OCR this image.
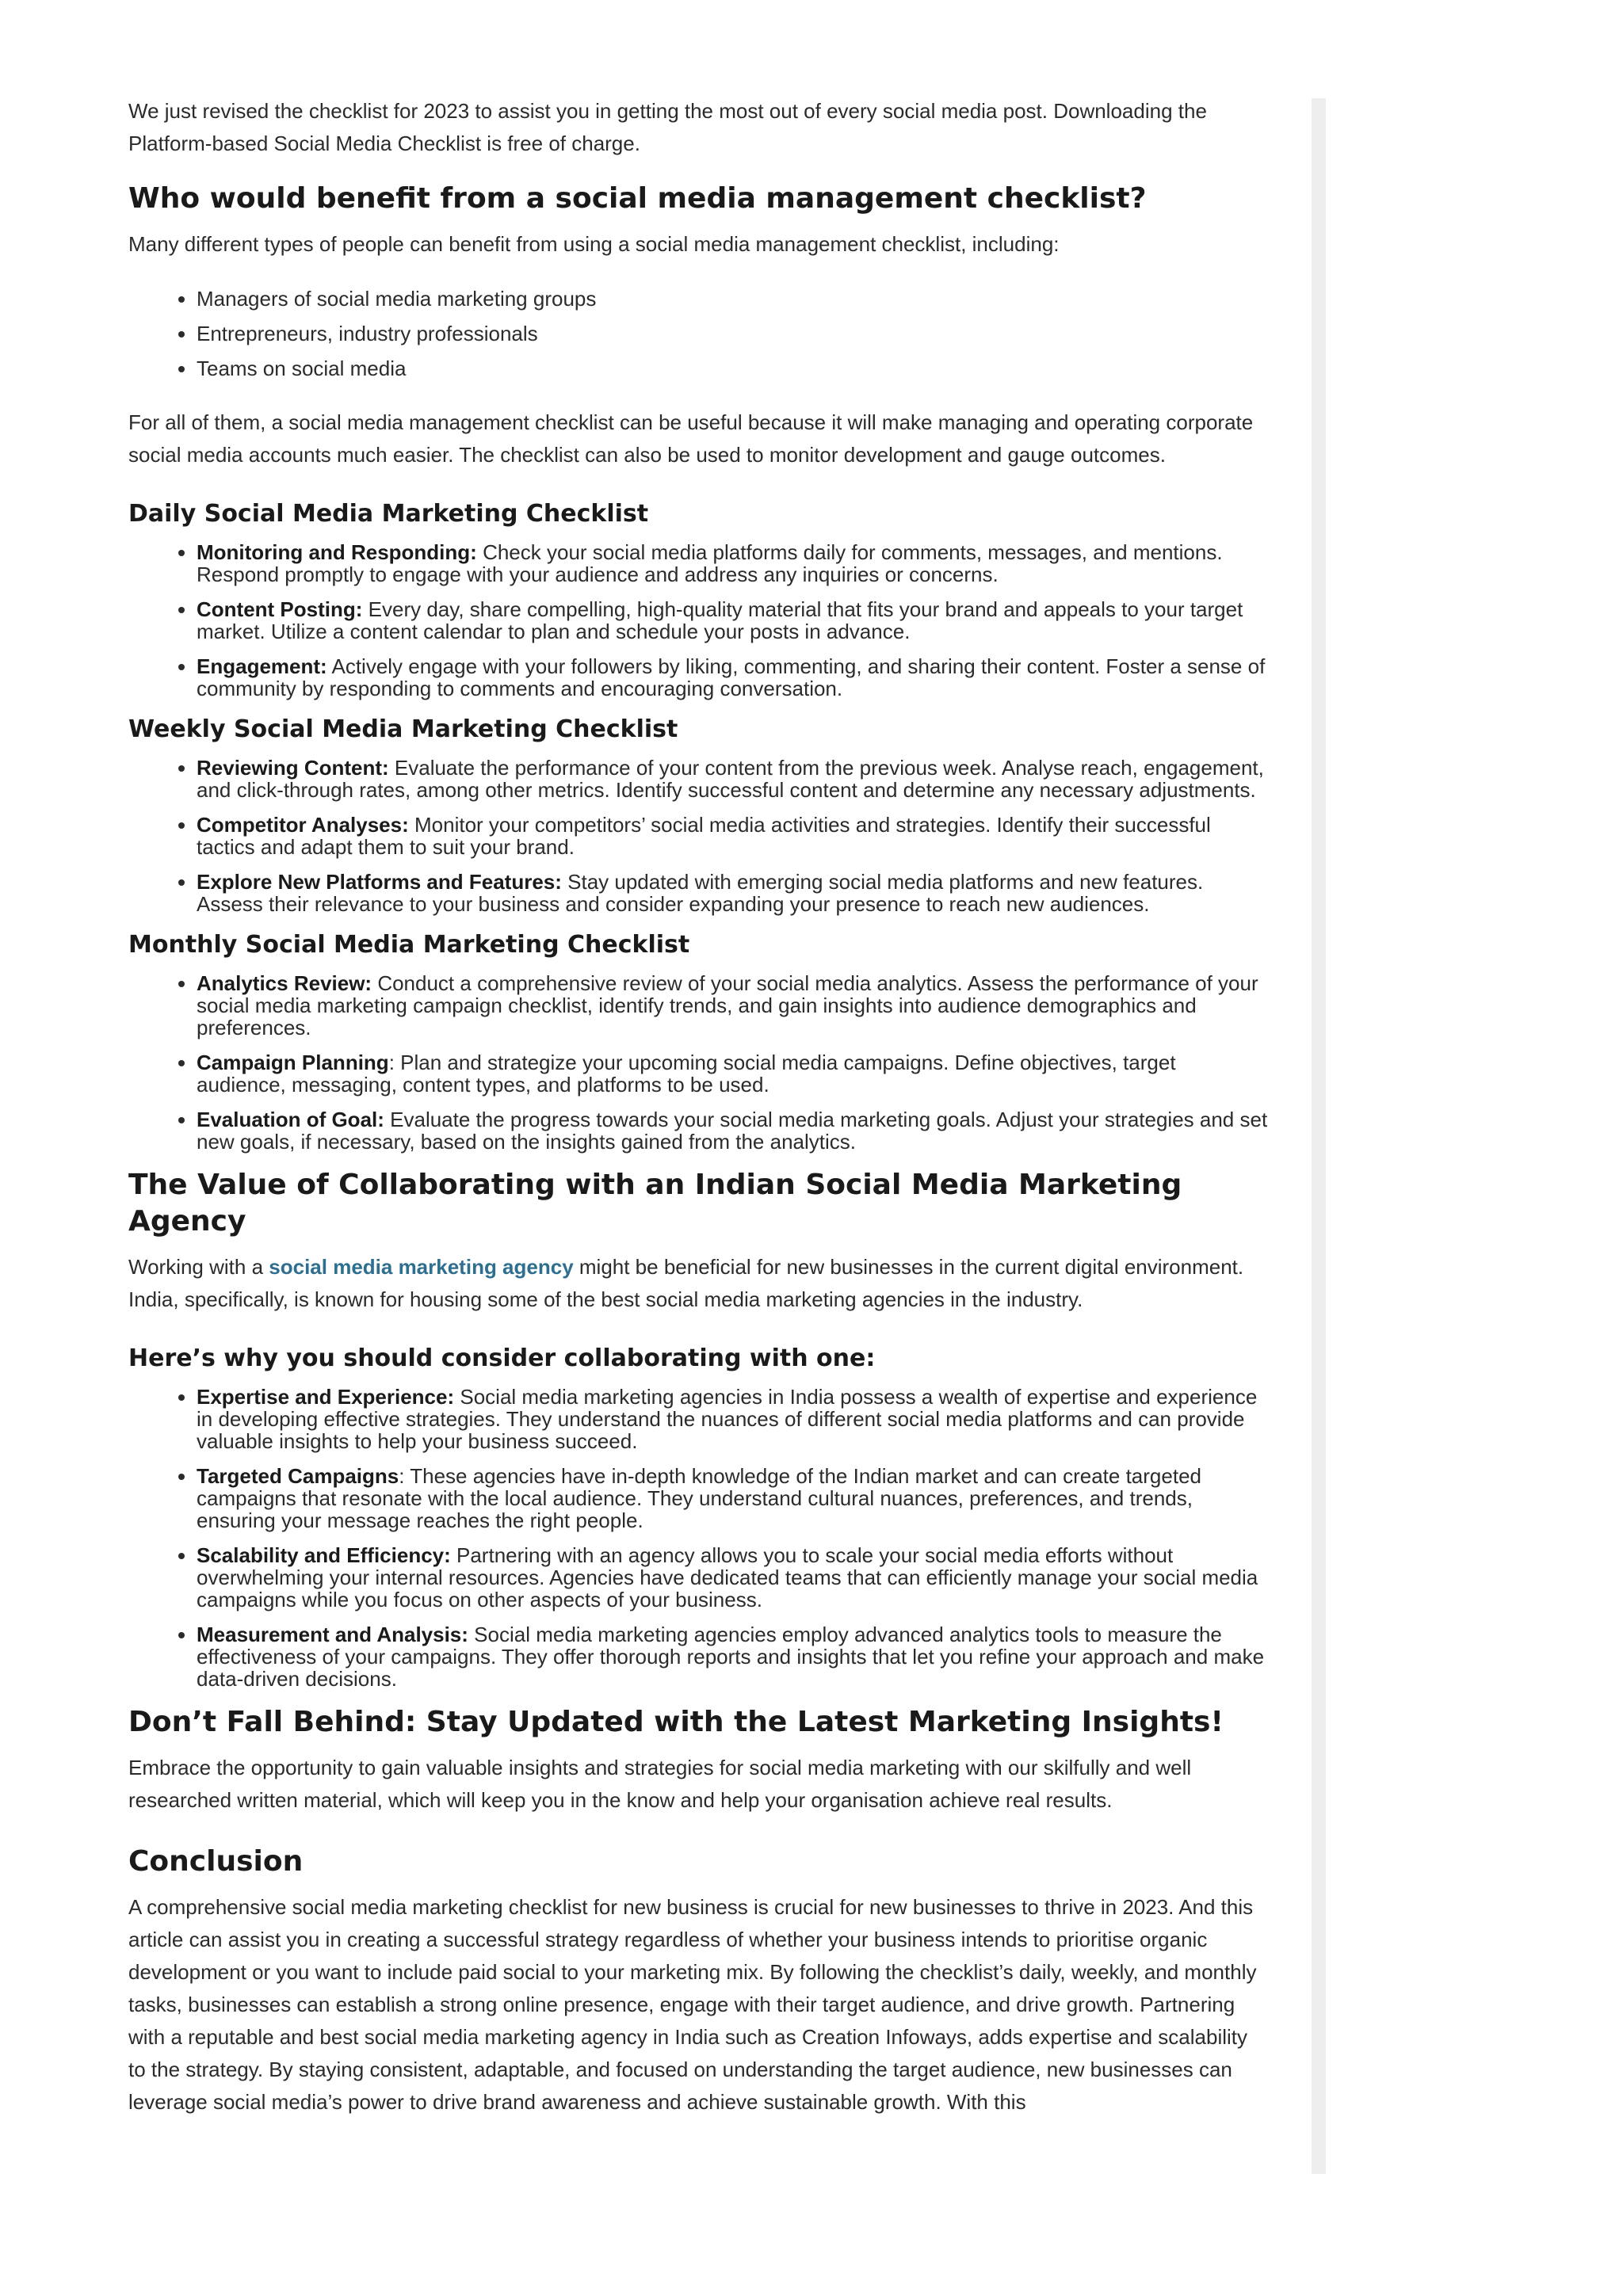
We just revised the checklist for 2023 to assist you in getting the most out of every social media post. Downloading the Platform-based Social Media Checklist is free of charge.

Who would benefit from a social media management checklist?

Many different types of people can benefit from using a social media management checklist, including:

• Managers of social media marketing groups
• Entrepreneurs, industry professionals
• Teams on social media

For all of them, a social media management checklist can be useful because it will make managing and operating corporate social media accounts much easier. The checklist can also be used to monitor development and gauge outcomes.

Daily Social Media Marketing Checklist
• Monitoring and Responding: Check your social media platforms daily for comments, messages, and mentions. Respond promptly to engage with your audience and address any inquiries or concerns.
• Content Posting: Every day, share compelling, high-quality material that fits your brand and appeals to your target market. Utilize a content calendar to plan and schedule your posts in advance.
• Engagement: Actively engage with your followers by liking, commenting, and sharing their content. Foster a sense of community by responding to comments and encouraging conversation.
Weekly Social Media Marketing Checklist
• Reviewing Content: Evaluate the performance of your content from the previous week. Analyse reach, engagement, and click-through rates, among other metrics. Identify successful content and determine any necessary adjustments.
• Competitor Analyses: Monitor your competitors’ social media activities and strategies. Identify their successful tactics and adapt them to suit your brand.
• Explore New Platforms and Features: Stay updated with emerging social media platforms and new features. Assess their relevance to your business and consider expanding your presence to reach new audiences.
Monthly Social Media Marketing Checklist
• Analytics Review: Conduct a comprehensive review of your social media analytics. Assess the performance of your social media marketing campaign checklist, identify trends, and gain insights into audience demographics and preferences.
• Campaign Planning: Plan and strategize your upcoming social media campaigns. Define objectives, target audience, messaging, content types, and platforms to be used.
• Evaluation of Goal: Evaluate the progress towards your social media marketing goals. Adjust your strategies and set new goals, if necessary, based on the insights gained from the analytics.
The Value of Collaborating with an Indian Social Media Marketing Agency

Working with a social media marketing agency might be beneficial for new businesses in the current digital environment. India, specifically, is known for housing some of the best social media marketing agencies in the industry.

Here’s why you should consider collaborating with one:
• Expertise and Experience: Social media marketing agencies in India possess a wealth of expertise and experience in developing effective strategies. They understand the nuances of different social media platforms and can provide valuable insights to help your business succeed.
• Targeted Campaigns: These agencies have in-depth knowledge of the Indian market and can create targeted campaigns that resonate with the local audience. They understand cultural nuances, preferences, and trends, ensuring your message reaches the right people.
• Scalability and Efficiency: Partnering with an agency allows you to scale your social media efforts without overwhelming your internal resources. Agencies have dedicated teams that can efficiently manage your social media campaigns while you focus on other aspects of your business.
• Measurement and Analysis: Social media marketing agencies employ advanced analytics tools to measure the effectiveness of your campaigns. They offer thorough reports and insights that let you refine your approach and make data-driven decisions.
Don’t Fall Behind: Stay Updated with the Latest Marketing Insights!

Embrace the opportunity to gain valuable insights and strategies for social media marketing with our skilfully and well researched written material, which will keep you in the know and help your organisation achieve real results.

Conclusion

A comprehensive social media marketing checklist for new business is crucial for new businesses to thrive in 2023. And this article can assist you in creating a successful strategy regardless of whether your business intends to prioritise organic development or you want to include paid social to your marketing mix. By following the checklist’s daily, weekly, and monthly tasks, businesses can establish a strong online presence, engage with their target audience, and drive growth. Partnering with a reputable and best social media marketing agency in India such as Creation Infoways, adds expertise and scalability to the strategy. By staying consistent, adaptable, and focused on understanding the target audience, new businesses can leverage social media’s power to drive brand awareness and achieve sustainable growth. With this
